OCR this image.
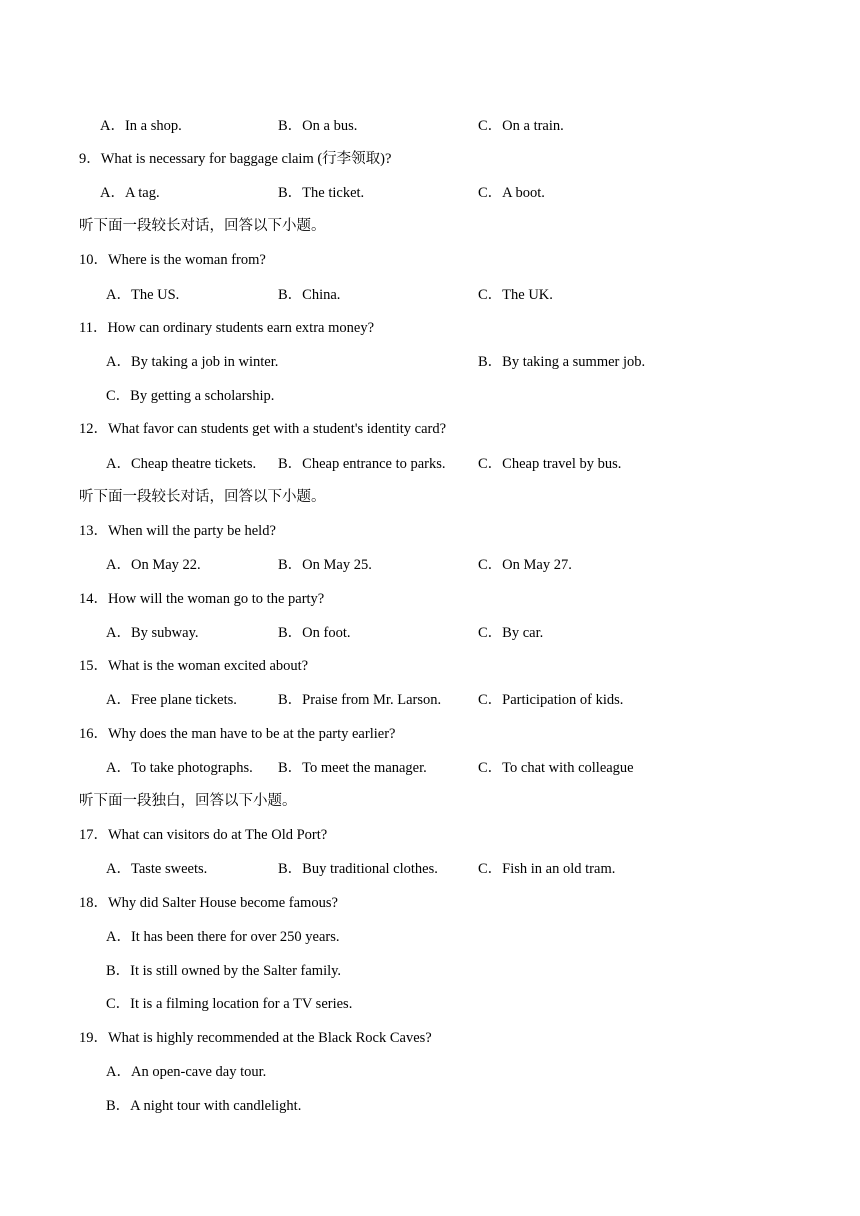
A．In a shop.	B．On a bus.	C．On a train.
9．What is necessary for baggage claim (行李领取)?
A．A tag.	B．The ticket.	C．A boot.
听下面一段较长对话，回答以下小题。
10．Where is the woman from?
A．The US.	B．China.	C．The UK.
11．How can ordinary students earn extra money?
A．By taking a job in winter.	B．By taking a summer job.
C．By getting a scholarship.
12．What favor can students get with a student's identity card?
A．Cheap theatre tickets. B．Cheap entrance to parks. C．Cheap travel by bus.
听下面一段较长对话，回答以下小题。
13．When will the party be held?
A．On May 22.	B．On May 25.	C．On May 27.
14．How will the woman go to the party?
A．By subway.	B．On foot.	C．By car.
15．What is the woman excited about?
A．Free plane tickets.	B．Praise from Mr. Larson.	C．Participation of kids.
16．Why does the man have to be at the party earlier?
A．To take photographs. B．To meet the manager.	C．To chat with colleague
听下面一段独白，回答以下小题。
17．What can visitors do at The Old Port?
A．Taste sweets.	B．Buy traditional clothes.	C．Fish in an old tram.
18．Why did Salter House become famous?
A．It has been there for over 250 years.
B．It is still owned by the Salter family.
C．It is a filming location for a TV series.
19．What is highly recommended at the Black Rock Caves?
A．An open-cave day tour.
B．A night tour with candlelight.
